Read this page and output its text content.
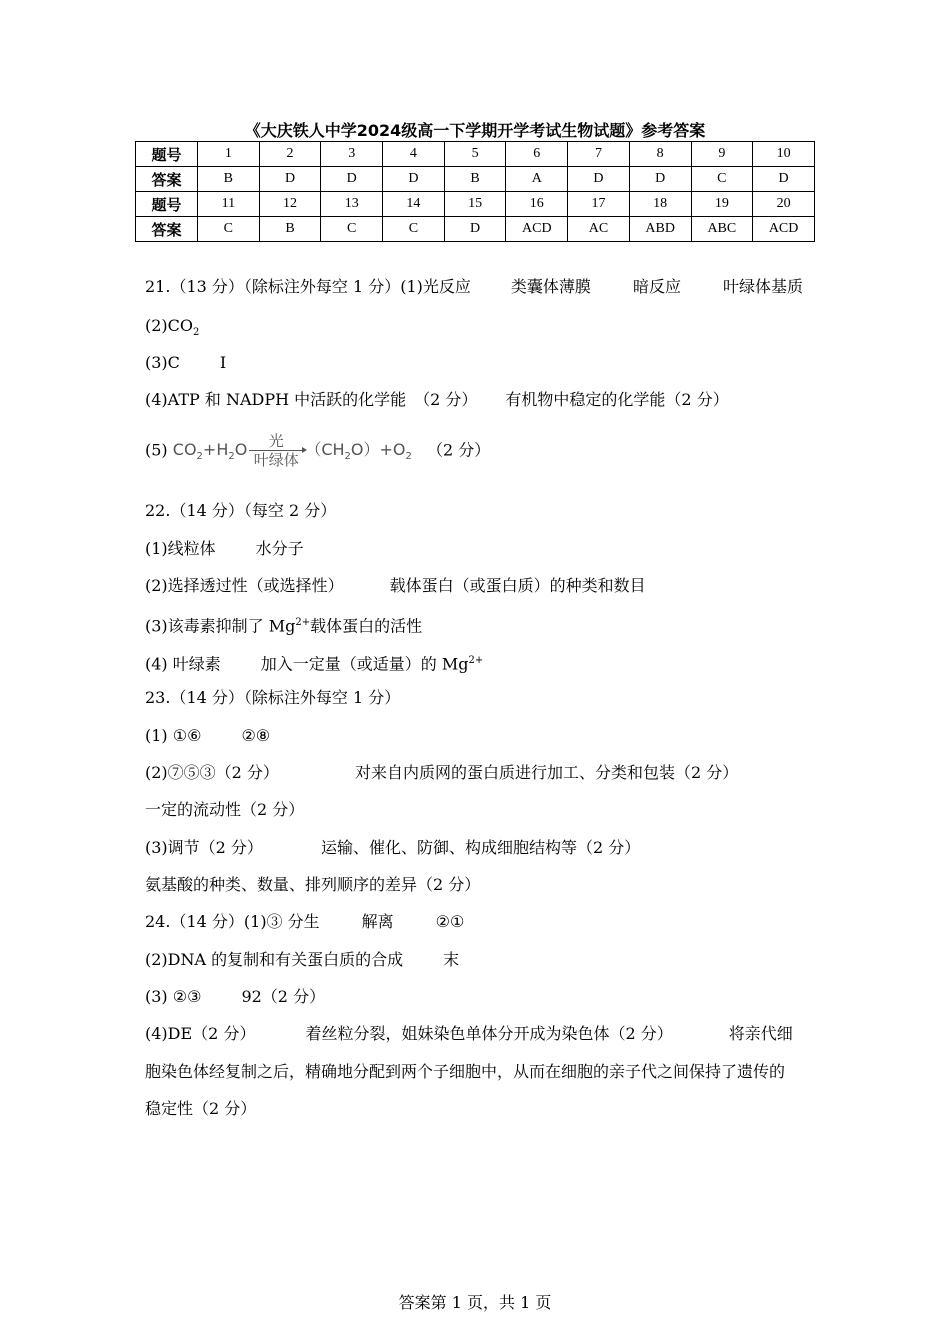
《大庆铁人中学2024级高一下学期开学考试生物试题》参考答案
题号	1	2	3	4	5	6	7	8	9	10
答案	B	D	D	D	B	A	D	D	C	D
题号	11	12	13	14	15	16	17	18	19	20
答案	C	B	C	C	D	ACD	AC	ABD	ABC	ACD
21.（13 分）（除标注外每空 1 分）(1)光反应	类囊体薄膜	暗反应	叶绿体基质
$(2)CO_2$
(3)C	I
(4)ATP 和 NADPH 中活跃的化学能　（2 分） 有机物中稳定的化学能（2 分）
(5) $CO_2+H_2O \frac{\text{光}}{\text{叶绿体}} (CH_2O)+O_2$ （2 分）
22.（14 分）（每空 2 分）
(1)线粒体	水分子
(2)选择透过性（或选择性）	载体蛋白（或蛋白质）的种类和数目
(3)该毒素抑制了 $Mg^{2+}$载体蛋白的活性
(4) 叶绿素	加入一定量（或适量）的 $Mg^{2+}$
23.（14 分）（除标注外每空 1 分）
(1) ①⑥	②⑧
(2)⑦⑤③（2 分）	对来自内质网的蛋白质进行加工、分类和包装（2 分）
一定的流动性（2 分）
(3)调节（2 分）	运输、催化、防御、构成细胞结构等（2 分）
氨基酸的种类、数量、排列顺序的差异（2 分）
24.（14 分）(1)③ 分生	解离	②①
(2)DNA 的复制和有关蛋白质的合成	末
(3) ②③	92（2 分）
(4)DE（2 分）	着丝粒分裂，姐妹染色单体分开成为染色体（2 分）	将亲代细
胞染色体经复制之后，精确地分配到两个子细胞中，从而在细胞的亲子代之间保持了遗传的
稳定性（2 分）
答案第 1 页，共 1 页
